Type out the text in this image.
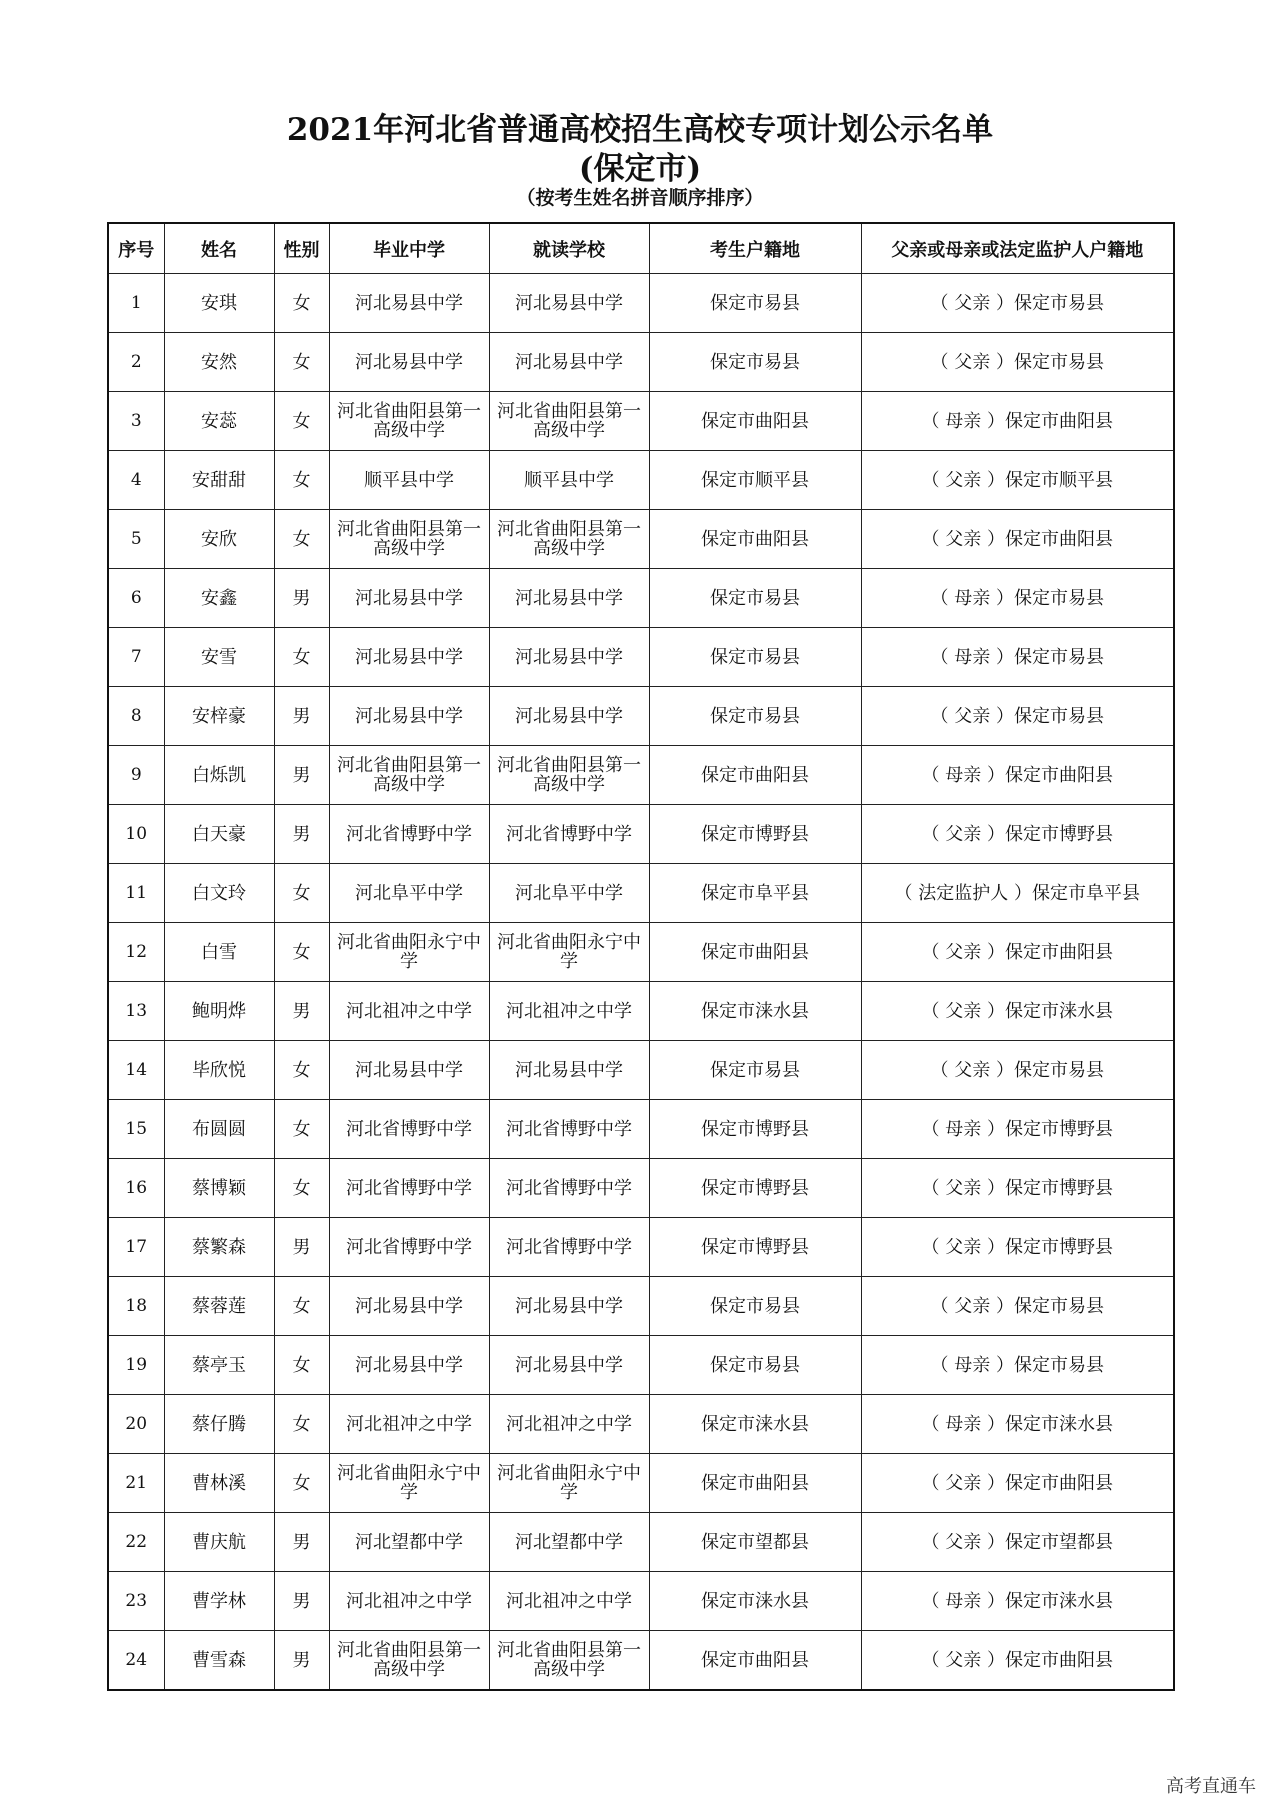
2021年河北省普通高校招生高校专项计划公示名单
(保定市)
（按考生姓名拼音顺序排序）
序号	姓名	性别	毕业中学	就读学校	考生户籍地	父亲或母亲或法定监护人户籍地
1	安琪	女	河北易县中学	河北易县中学	保定市易县	（ 父亲 ）保定市易县
2	安然	女	河北易县中学	河北易县中学	保定市易县	（ 父亲 ）保定市易县
3	安蕊	女	河北省曲阳县第一高级中学	河北省曲阳县第一高级中学	保定市曲阳县	（ 母亲 ）保定市曲阳县
4	安甜甜	女	顺平县中学	顺平县中学	保定市顺平县	（ 父亲 ）保定市顺平县
5	安欣	女	河北省曲阳县第一高级中学	河北省曲阳县第一高级中学	保定市曲阳县	（ 父亲 ）保定市曲阳县
6	安鑫	男	河北易县中学	河北易县中学	保定市易县	（ 母亲 ）保定市易县
7	安雪	女	河北易县中学	河北易县中学	保定市易县	（ 母亲 ）保定市易县
8	安梓豪	男	河北易县中学	河北易县中学	保定市易县	（ 父亲 ）保定市易县
9	白烁凯	男	河北省曲阳县第一高级中学	河北省曲阳县第一高级中学	保定市曲阳县	（ 母亲 ）保定市曲阳县
10	白天豪	男	河北省博野中学	河北省博野中学	保定市博野县	（ 父亲 ）保定市博野县
11	白文玲	女	河北阜平中学	河北阜平中学	保定市阜平县	（ 法定监护人 ）保定市阜平县
12	白雪	女	河北省曲阳永宁中学	河北省曲阳永宁中学	保定市曲阳县	（ 父亲 ）保定市曲阳县
13	鲍明烨	男	河北祖冲之中学	河北祖冲之中学	保定市涞水县	（ 父亲 ）保定市涞水县
14	毕欣悦	女	河北易县中学	河北易县中学	保定市易县	（ 父亲 ）保定市易县
15	布圆圆	女	河北省博野中学	河北省博野中学	保定市博野县	（ 母亲 ）保定市博野县
16	蔡博颖	女	河北省博野中学	河北省博野中学	保定市博野县	（ 父亲 ）保定市博野县
17	蔡繁森	男	河北省博野中学	河北省博野中学	保定市博野县	（ 父亲 ）保定市博野县
18	蔡蓉莲	女	河北易县中学	河北易县中学	保定市易县	（ 父亲 ）保定市易县
19	蔡亭玉	女	河北易县中学	河北易县中学	保定市易县	（ 母亲 ）保定市易县
20	蔡仔腾	女	河北祖冲之中学	河北祖冲之中学	保定市涞水县	（ 母亲 ）保定市涞水县
21	曹林溪	女	河北省曲阳永宁中学	河北省曲阳永宁中学	保定市曲阳县	（ 父亲 ）保定市曲阳县
22	曹庆航	男	河北望都中学	河北望都中学	保定市望都县	（ 父亲 ）保定市望都县
23	曹学林	男	河北祖冲之中学	河北祖冲之中学	保定市涞水县	（ 母亲 ）保定市涞水县
24	曹雪森	男	河北省曲阳县第一高级中学	河北省曲阳县第一高级中学	保定市曲阳县	（ 父亲 ）保定市曲阳县
高考直通车
